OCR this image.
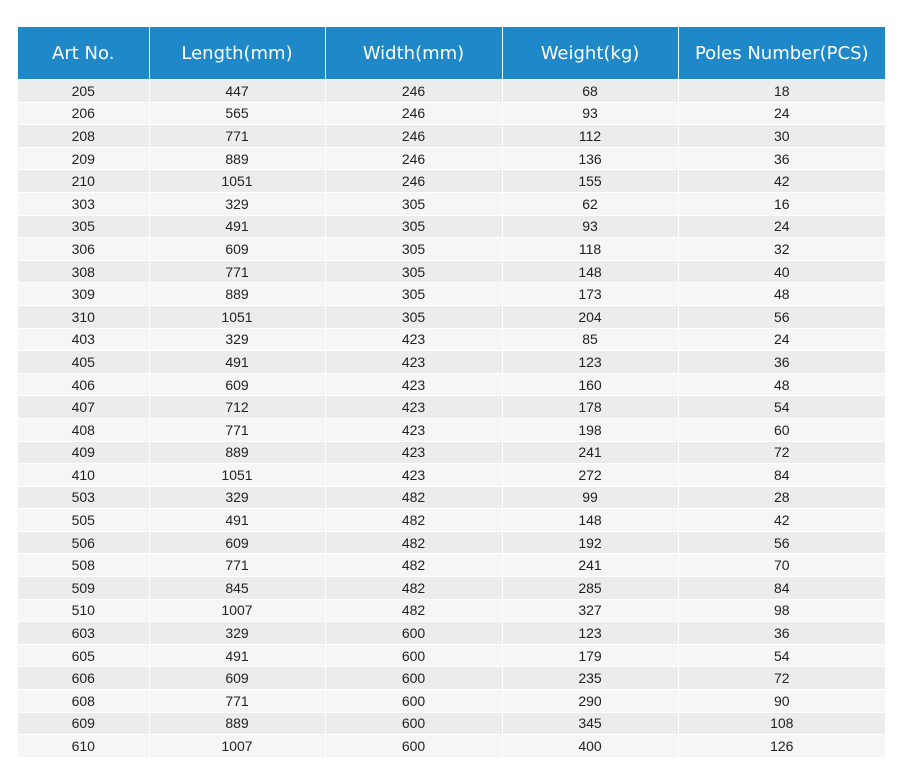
Art No.	Length(mm)	Width(mm)	Weight(kg)	Poles Number(PCS)
205	447	246	68	18
206	565	246	93	24
208	771	246	112	30
209	889	246	136	36
210	1051	246	155	42
303	329	305	62	16
305	491	305	93	24
306	609	305	118	32
308	771	305	148	40
309	889	305	173	48
310	1051	305	204	56
403	329	423	85	24
405	491	423	123	36
406	609	423	160	48
407	712	423	178	54
408	771	423	198	60
409	889	423	241	72
410	1051	423	272	84
503	329	482	99	28
505	491	482	148	42
506	609	482	192	56
508	771	482	241	70
509	845	482	285	84
510	1007	482	327	98
603	329	600	123	36
605	491	600	179	54
606	609	600	235	72
608	771	600	290	90
609	889	600	345	108
610	1007	600	400	126
